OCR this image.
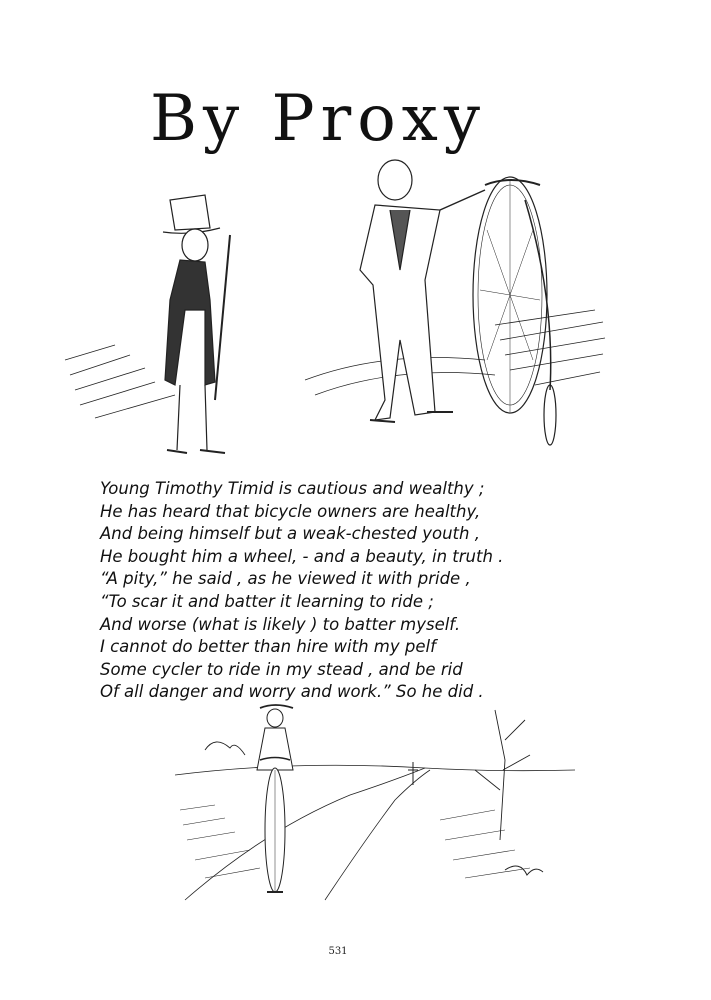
By Proxy
Young Timothy Timid is cautious and wealthy ;
He has heard that bicycle owners are healthy,
And being himself but a weak-chested youth ,
He bought him a wheel, - and a beauty, in truth .
“A pity,” he said , as he viewed it with pride ,
“To scar it and batter it learning to ride ;
And worse (what is likely ) to batter myself.
I cannot do better than hire with my pelf
Some cycler to ride in my stead , and be rid
Of all danger and worry and work.” So he did .
531
